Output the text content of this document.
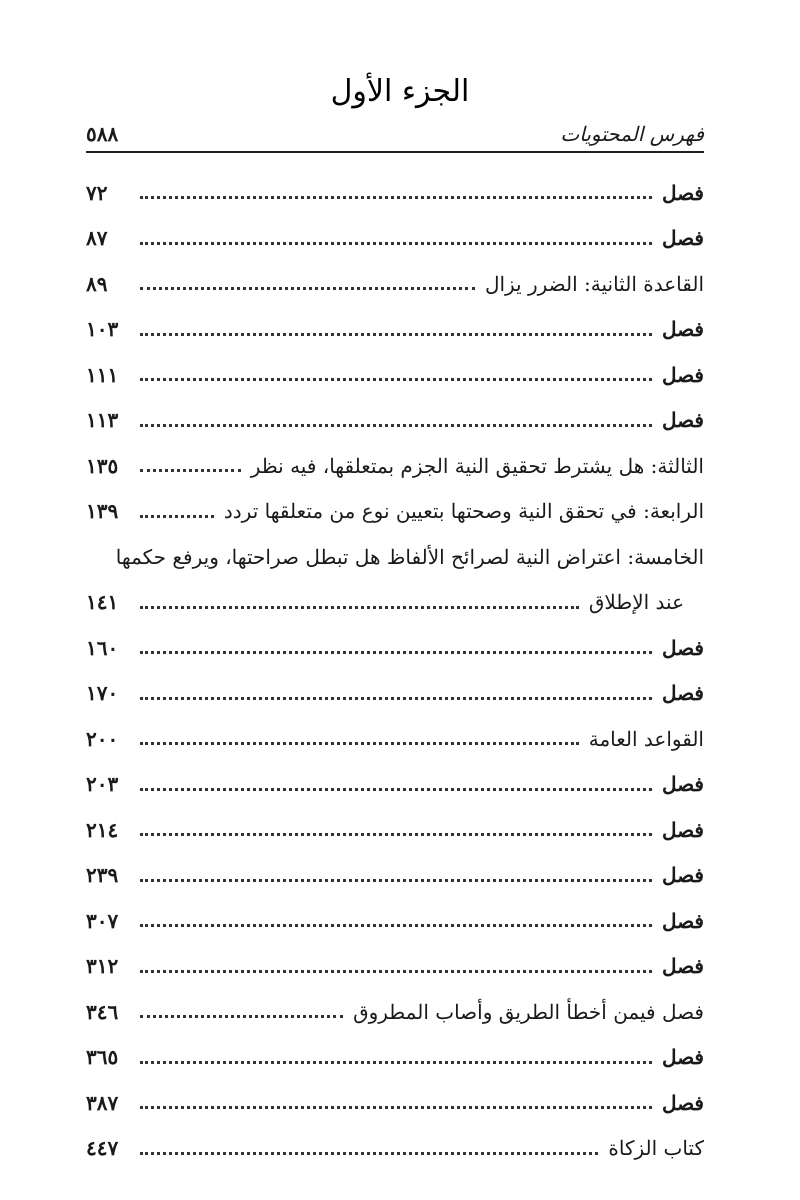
الجزء الأول
٥٨٨	فهرس المحتويات
فصل
٧٢
فصل
٨٧
القاعدة الثانية: الضرر يزال
٨٩
فصل
١٠٣
فصل
١١١
فصل
١١٣
الثالثة: هل يشترط تحقيق النية الجزم بمتعلقها، فيه نظر
١٣٥
الرابعة: في تحقق النية وصحتها بتعيين نوع من متعلقها تردد
١٣٩
الخامسة: اعتراض النية لصرائح الألفاظ هل تبطل صراحتها، ويرفع حكمها
عند الإطلاق
١٤١
فصل
١٦٠
فصل
١٧٠
القواعد العامة
٢٠٠
فصل
٢٠٣
فصل
٢١٤
فصل
٢٣٩
فصل
٣٠٧
فصل
٣١٢
فصل فيمن أخطأ الطريق وأصاب المطروق
٣٤٦
فصل
٣٦٥
فصل
٣٨٧
كتاب الزكاة
٤٤٧
